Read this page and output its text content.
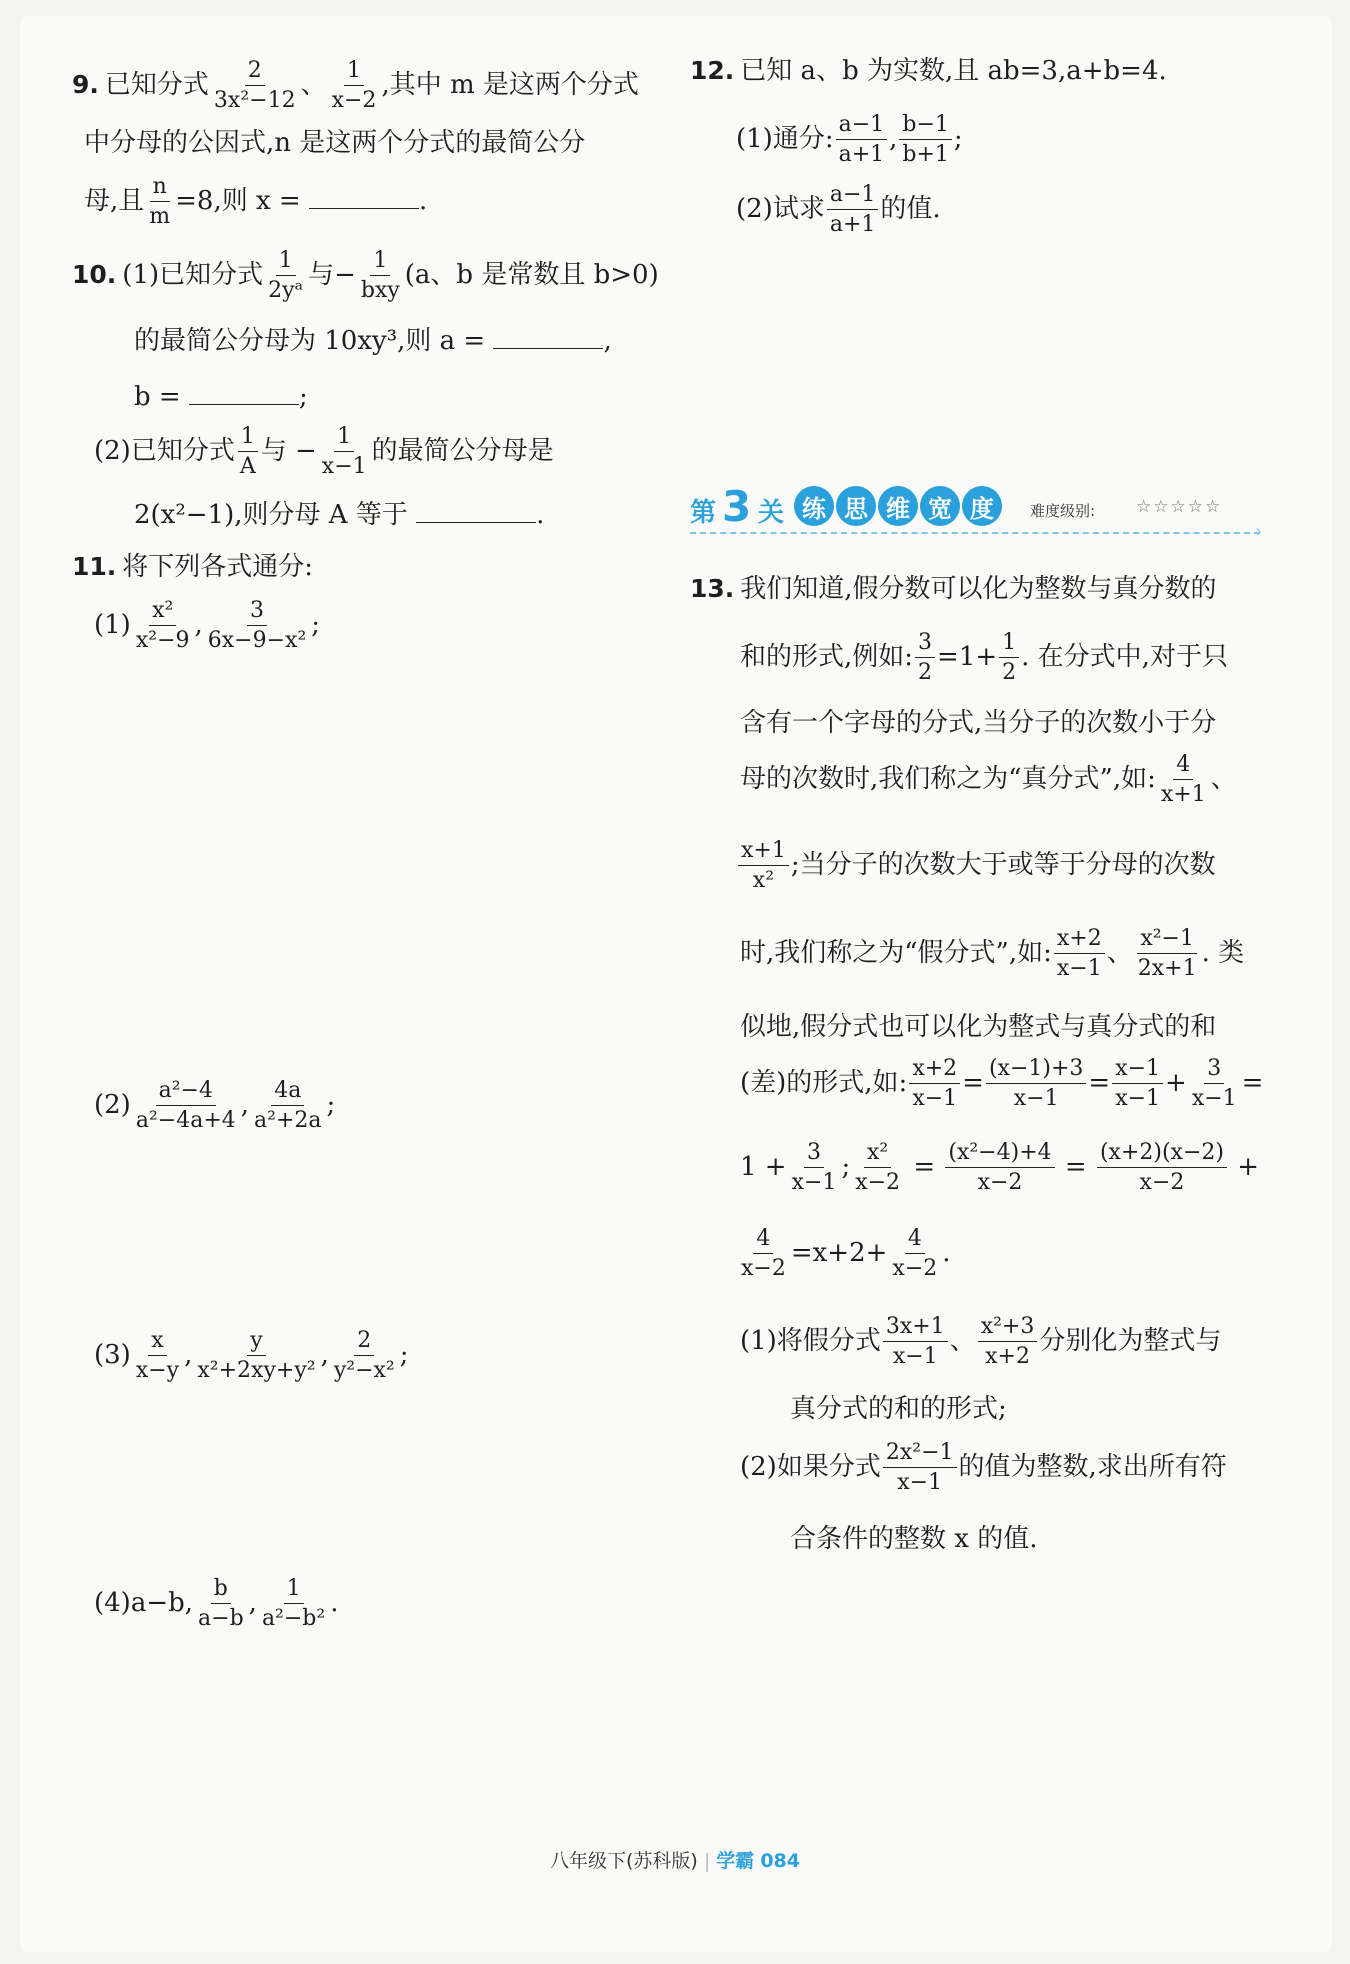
9. 已知分式 $\frac{2}{\text{3x²−12}}$ 、 $\frac{1}{x-2}$ ,其中 m 是这两个分式
中分母的公因式,n 是这两个分式的最简公分
母,且 $\frac{n}{m} =8$,则 x =	.
10. (1)已知分式 $\frac{1}{\text{2yᵃ}}$ 与− $\frac{1}{\text{bxy}} (a$、b 是常数且 b>0)
的最简公分母为 10xy³,则 a =	,
b =	;
(2)已知分式 $\frac{1}{A}$ 与 − $\frac{1}{x-1}$ 的最简公分母是
2(x²−1),则分母 A 等于	.
11. 将下列各式通分:
$(1) \frac{\text{x²}}{\text{x²−9}}$ , $\frac{3}{\text{6x−9−x²}}$ ;
$(2) \frac{\text{a²−4}}{\text{a²−4a+4}}$ , $\frac{4a}{\text{a²+2a}}$ ;
$(3) \frac{x}{x-y}$ , $\frac{y}{\text{x²+2xy+y²}}$ , $\frac{2}{\text{y²−x²}}$ ;
(4)a−b, $\frac{b}{a-b}$ , $\frac{1}{\text{a²−b²}}$ .
12. 已知 a、b 为实数,且 ab=3,a+b=4.
(1)通分: $\frac{a-1}{a+1}$ , $\frac{b-1}{b+1}$ ;
(2)试求 $\frac{a-1}{a+1}$ 的值.
13. 我们知道,假分数可以化为整数与真分数的
和的形式,例如: $\frac{3}{2} =1+ \frac{1}{2}$ . 在分式中,对于只
含有一个字母的分式,当分子的次数小于分
母的次数时,我们称之为“真分式”,如: $\frac{4}{x+1}$ 、
$\frac{x+1}{\text{x²}}$ ;当分子的次数大于或等于分母的次数
时,我们称之为“假分式”,如: $\frac{x+2}{x-1}$ 、 $\frac{\text{x²−1}}{2x+1}$ . 类
似地,假分式也可以化为整式与真分式的和
(差)的形式,如: $\frac{x+2}{x-1} = \frac{(x-1)+3}{x-1} = \frac{x-1}{x-1} + \frac{3}{x-1}$ =
$1 + \frac{3}{x-1}$ ; $\frac{\text{x²}}{x-2} = \frac{\text{(x²−4)+4}}{x-2} = \frac{(x+2)(x-2)}{x-2}$ +
$\frac{4}{x-2} =x+2+ \frac{4}{x-2}$ .
(1)将假分式 $\frac{3x+1}{x-1}$ 、 $\frac{\text{x²+3}}{x+2}$ 分别化为整式与
真分式的和的形式;
(2)如果分式 $\frac{\text{2x²−1}}{x-1}$ 的值为整数,求出所有符
合条件的整数 x 的值.
第 3 关 练 思 维 宽 度	难度级别: ☆☆☆☆☆
›
八年级下(苏科版) | 学霸 084
